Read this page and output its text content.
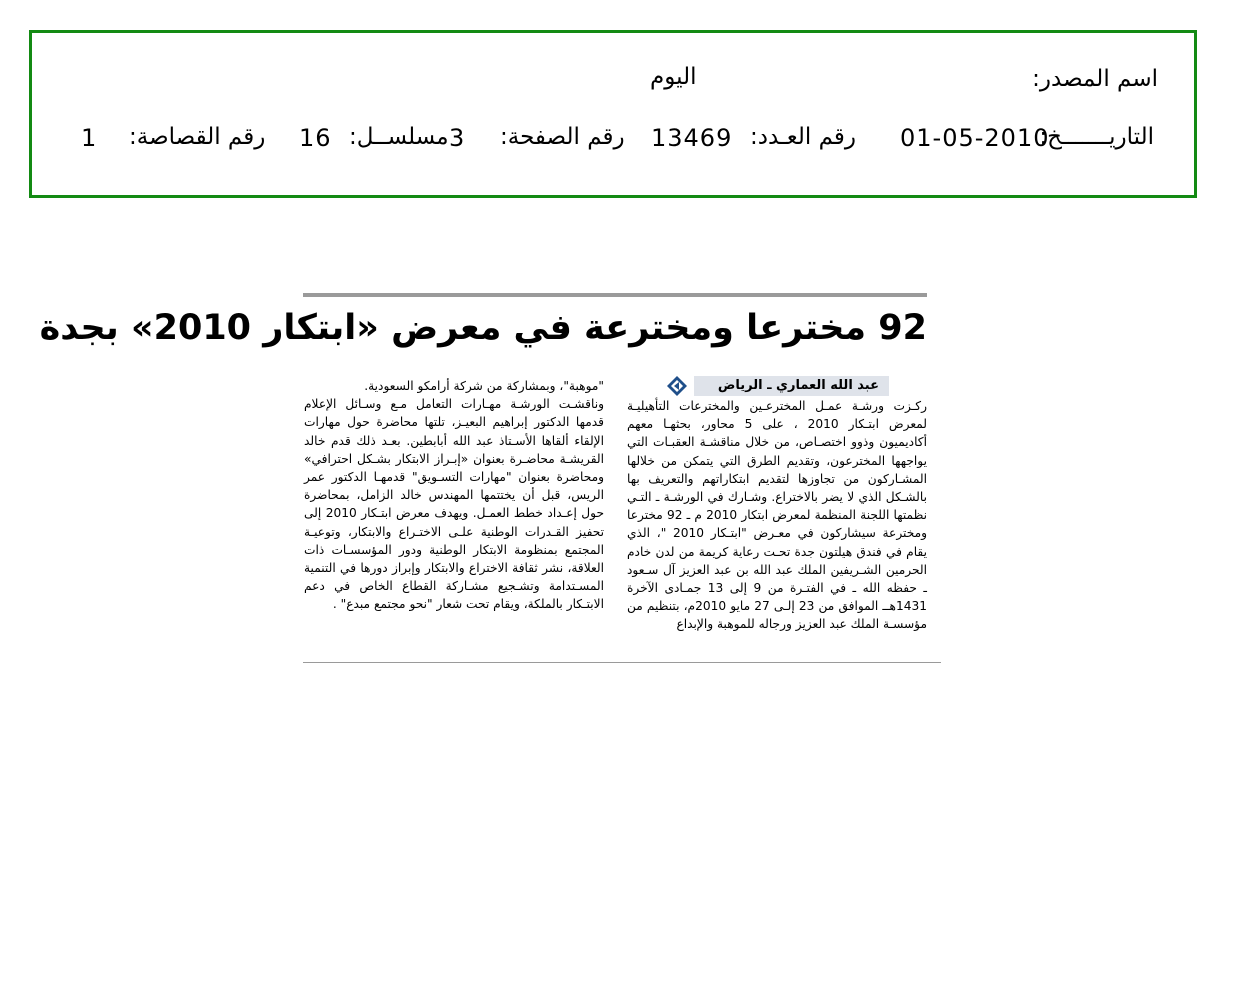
اسم المصدر:
اليوم
التاريـــــــخ:
01-05-2010
رقم العـدد:
13469
رقم الصفحة:
3
مسلســل:
16
رقم القصاصة:
1
92 مخترعا ومخترعة في معرض «ابتكار 2010» بجدة
عبد الله العماري ـ الرياض

ركـزت ورشـة عمـل المخترعـين والمخترعات التأهيليـة لمعرض ابتـكار 2010 ، على 5 محاور، بحثهـا معهم أكاديميون وذوو اختصـاص، من خلال مناقشـة العقبـات التي يواجهها المخترعون، وتقديم الطرق التي يتمكن من خلالها المشـاركون من تجاوزها لتقديم ابتكاراتهم والتعريف بها بالشـكل الذي لا يضر بالاختراع. وشـارك في الورشـة ـ التـي نظمتها اللجنة المنظمة لمعرض ابتكار 2010 م ـ 92 مخترعا ومخترعة سيشاركون في معـرض "ابتـكار 2010 "، الذي يقام في فندق هيلتون جدة تحـت رعاية كريمة من لدن خادم الحرمين الشـريفين الملك عبد الله بن عبد العزيز آل سـعود ـ حفظه الله ـ في الفتـرة من 9 إلى 13 جمـادى الآخرة 1431هــ الموافق من 23 إلـى 27 مايو 2010م، بتنظيم من مؤسسـة الملك عبد العزيز ورجاله للموهبة والإبداع

"موهبة"، وبمشاركة من شركة أرامكو السعودية.

وناقشـت الورشـة مهـارات التعامل مـع وسـائل الإعلام قدمها الدكتور إبراهيم البعيـز، تلتها محاضرة حول مهارات الإلقاء ألقاها الأسـتاذ عبد الله أبابطين. بعـد ذلك قدم خالد القريشـة محاضـرة بعنوان «إبـراز الابتكار بشـكل احترافي» ومحاضرة بعنوان "مهارات التسـويق" قدمهـا الدكتور عمر الريس، قبل أن يختتمها المهندس خالد الزامل، بمحاضرة حول إعـداد خطط العمـل. ويهدف معرض ابتـكار 2010 إلى تحفيز القـدرات الوطنية علـى الاختـراع والابتكار، وتوعيـة المجتمع بمنظومة الابتكار الوطنية ودور المؤسسـات ذات العلاقة، نشر ثقافة الاختراع والابتكار وإبراز دورها في التنمية المسـتدامة وتشـجيع مشـاركة القطاع الخاص في دعم الابتـكار بالملكة، ويقام تحت شعار "نحو مجتمع مبدع" .
